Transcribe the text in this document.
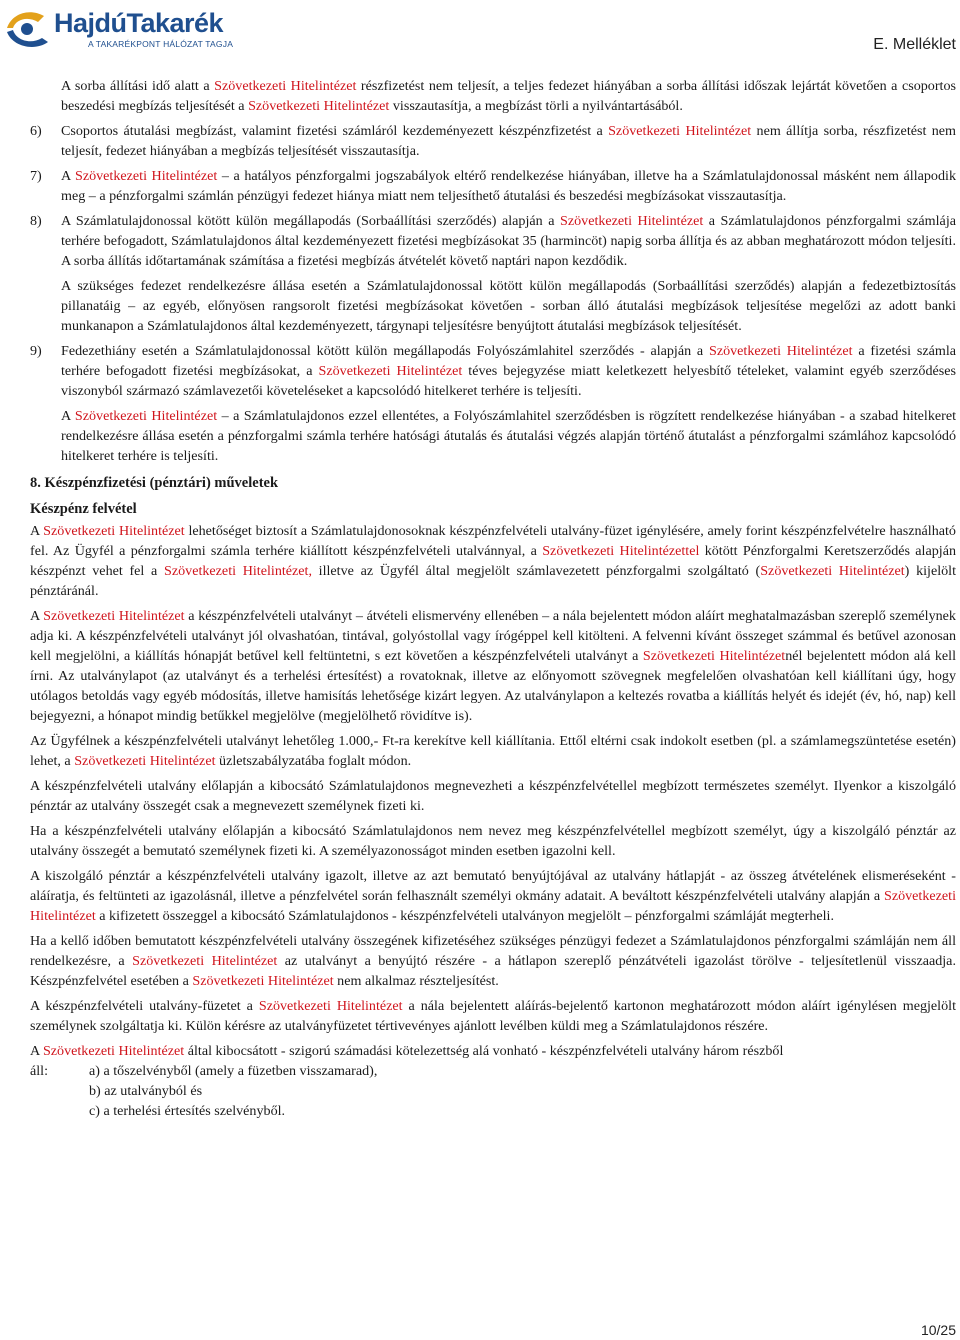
HajdúTakarék
A TAKARÉKPONT HÁLÓZAT TAGJA	E. Melléklet

A sorba állítási idő alatt a Szövetkezeti Hitelintézet részfizetést nem teljesít, a teljes fedezet hiányában a sorba állítási időszak lejártát követően a csoportos beszedési megbízás teljesítését a Szövetkezeti Hitelintézet visszautasítja, a megbízást törli a nyilvántartásából.

6)	Csoportos átutalási megbízást, valamint fizetési számláról kezdeményezett készpénzfizetést a Szövetkezeti Hitelintézet nem állítja sorba, részfizetést nem teljesít, fedezet hiányában a megbízás teljesítését visszautasítja.
7)	A Szövetkezeti Hitelintézet – a hatályos pénzforgalmi jogszabályok eltérő rendelkezése hiányában, illetve ha a Számlatulajdonossal másként nem állapodik meg – a pénzforgalmi számlán pénzügyi fedezet hiánya miatt nem teljesíthető átutalási és beszedési megbízásokat visszautasítja.
8)	A Számlatulajdonossal kötött külön megállapodás (Sorbaállítási szerződés) alapján a Szövetkezeti Hitelintézet a Számlatulajdonos pénzforgalmi számlája terhére befogadott, Számlatulajdonos által kezdeményezett fizetési megbízásokat 35 (harmincöt) napig sorba állítja és az abban meghatározott módon teljesíti. A sorba állítás időtartamának számítása a fizetési megbízás átvételét követő naptári napon kezdődik.

A szükséges fedezet rendelkezésre állása esetén a Számlatulajdonossal kötött külön megállapodás (Sorbaállítási szerződés) alapján a fedezetbiztosítás pillanatáig – az egyéb, előnyösen rangsorolt fizetési megbízásokat követően - sorban álló átutalási megbízások teljesítése megelőzi az adott banki munkanapon a Számlatulajdonos által kezdeményezett, tárgynapi teljesítésre benyújtott átutalási megbízások teljesítését.

9)	Fedezethiány esetén a Számlatulajdonossal kötött külön megállapodás Folyószámlahitel szerződés - alapján a Szövetkezeti Hitelintézet a fizetési számla terhére befogadott fizetési megbízásokat, a Szövetkezeti Hitelintézet téves bejegyzése miatt keletkezett helyesbítő tételeket, valamint egyéb szerződéses viszonyból származó számlavezetői követeléseket a kapcsolódó hitelkeret terhére is teljesíti.

A Szövetkezeti Hitelintézet – a Számlatulajdonos ezzel ellentétes, a Folyószámlahitel szerződésben is rögzített rendelkezése hiányában - a szabad hitelkeret rendelkezésre állása esetén a pénzforgalmi számla terhére hatósági átutalás és átutalási végzés alapján történő átutalást a pénzforgalmi számlához kapcsolódó hitelkeret terhére is teljesíti.

8. Készpénzfizetési (pénztári) műveletek
Készpénz felvétel

A Szövetkezeti Hitelintézet lehetőséget biztosít a Számlatulajdonosoknak készpénzfelvételi utalvány-füzet igénylésére, amely forint készpénzfelvételre használható fel. Az Ügyfél a pénzforgalmi számla terhére kiállított készpénzfelvételi utalvánnyal, a Szövetkezeti Hitelintézettel kötött Pénzforgalmi Keretszerződés alapján készpénzt vehet fel a Szövetkezeti Hitelintézet, illetve az Ügyfél által megjelölt számlavezetett pénzforgalmi szolgáltató (Szövetkezeti Hitelintézet) kijelölt pénztáránál.

A Szövetkezeti Hitelintézet a készpénzfelvételi utalványt – átvételi elismervény ellenében – a nála bejelentett módon aláírt meghatalmazásban szereplő személynek adja ki. A készpénzfelvételi utalványt jól olvashatóan, tintával, golyóstollal vagy írógéppel kell kitölteni. A felvenni kívánt összeget számmal és betűvel azonosan kell megjelölni, a kiállítás hónapját betűvel kell feltüntetni, s ezt követően a készpénzfelvételi utalványt a Szövetkezeti Hitelintézetnél bejelentett módon alá kell írni. Az utalványlapot (az utalványt és a terhelési értesítést) a rovatoknak, illetve az előnyomott szövegnek megfelelően olvashatóan kell kiállítani úgy, hogy utólagos betoldás vagy egyéb módosítás, illetve hamisítás lehetősége kizárt legyen. Az utalványlapon a keltezés rovatba a kiállítás helyét és idejét (év, hó, nap) kell bejegyezni, a hónapot mindig betűkkel megjelölve (megjelölhető rövidítve is).

Az Ügyfélnek a készpénzfelvételi utalványt lehetőleg 1.000,- Ft-ra kerekítve kell kiállítania. Ettől eltérni csak indokolt esetben (pl. a számlamegszüntetése esetén) lehet, a Szövetkezeti Hitelintézet üzletszabályzatába foglalt módon.

A készpénzfelvételi utalvány előlapján a kibocsátó Számlatulajdonos megnevezheti a készpénzfelvétellel megbízott természetes személyt. Ilyenkor a kiszolgáló pénztár az utalvány összegét csak a megnevezett személynek fizeti ki.

Ha a készpénzfelvételi utalvány előlapján a kibocsátó Számlatulajdonos nem nevez meg készpénzfelvétellel megbízott személyt, úgy a kiszolgáló pénztár az utalvány összegét a bemutató személynek fizeti ki. A személyazonosságot minden esetben igazolni kell.

A kiszolgáló pénztár a készpénzfelvételi utalvány igazolt, illetve az azt bemutató benyújtójával az utalvány hátlapját - az összeg átvételének elismeréseként - aláíratja, és feltünteti az igazolásnál, illetve a pénzfelvétel során felhasznált személyi okmány adatait. A beváltott készpénzfelvételi utalvány alapján a Szövetkezeti Hitelintézet a kifizetett összeggel a kibocsátó Számlatulajdonos - készpénzfelvételi utalványon megjelölt – pénzforgalmi számláját megterheli.

Ha a kellő időben bemutatott készpénzfelvételi utalvány összegének kifizetéséhez szükséges pénzügyi fedezet a Számlatulajdonos pénzforgalmi számláján nem áll rendelkezésre, a Szövetkezeti Hitelintézet az utalványt a benyújtó részére - a hátlapon szereplő pénzátvételi igazolást törölve - teljesítetlenül visszaadja. Készpénzfelvétel esetében a Szövetkezeti Hitelintézet nem alkalmaz részteljesítést.

A készpénzfelvételi utalvány-füzetet a Szövetkezeti Hitelintézet a nála bejelentett aláírás-bejelentő kartonon meghatározott módon aláírt igénylésen megjelölt személynek szolgáltatja ki. Külön kérésre az utalványfüzetet tértivevényes ajánlott levélben küldi meg a Számlatulajdonos részére.

A Szövetkezeti Hitelintézet által kibocsátott - szigorú számadási kötelezettség alá vonható - készpénzfelvételi utalvány három részből

áll:	a) a tőszelvényből (amely a füzetben visszamarad),
b) az utalványból és
c) a terhelési értesítés szelvényből.
10/25
